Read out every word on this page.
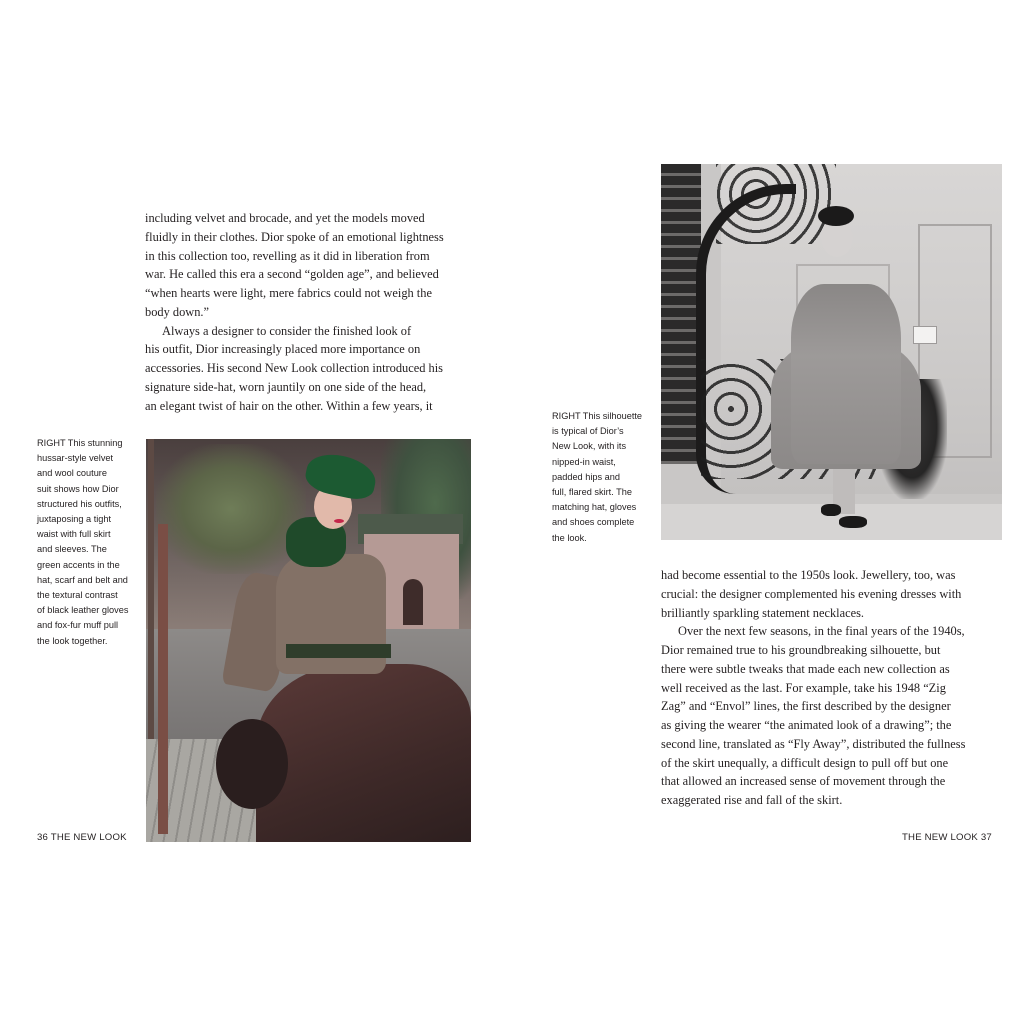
including velvet and brocade, and yet the models moved
fluidly in their clothes. Dior spoke of an emotional lightness
in this collection too, revelling as it did in liberation from
war. He called this era a second “golden age”, and believed
“when hearts were light, mere fabrics could not weigh the
body down.”

Always a designer to consider the finished look of
his outfit, Dior increasingly placed more importance on
accessories. His second New Look collection introduced his
signature side-hat, worn jauntily on one side of the head,
an elegant twist of hair on the other. Within a few years, it

RIGHT This stunning
hussar-style velvet
and wool couture
suit shows how Dior
structured his outfits,
juxtaposing a tight
waist with full skirt
and sleeves. The
green accents in the
hat, scarf and belt and
the textural contrast
of black leather gloves
and fox-fur muff pull
the look together.
36 THE NEW LOOK
RIGHT This silhouette
is typical of Dior’s
New Look, with its
nipped-in waist,
padded hips and
full, flared skirt. The
matching hat, gloves
and shoes complete
the look.

had become essential to the 1950s look. Jewellery, too, was
crucial: the designer complemented his evening dresses with
brilliantly sparkling statement necklaces.

Over the next few seasons, in the final years of the 1940s,
Dior remained true to his groundbreaking silhouette, but
there were subtle tweaks that made each new collection as
well received as the last. For example, take his 1948 “Zig
Zag” and “Envol” lines, the first described by the designer
as giving the wearer “the animated look of a drawing”; the
second line, translated as “Fly Away”, distributed the fullness
of the skirt unequally, a difficult design to pull off but one
that allowed an increased sense of movement through the
exaggerated rise and fall of the skirt.

THE NEW LOOK 37
